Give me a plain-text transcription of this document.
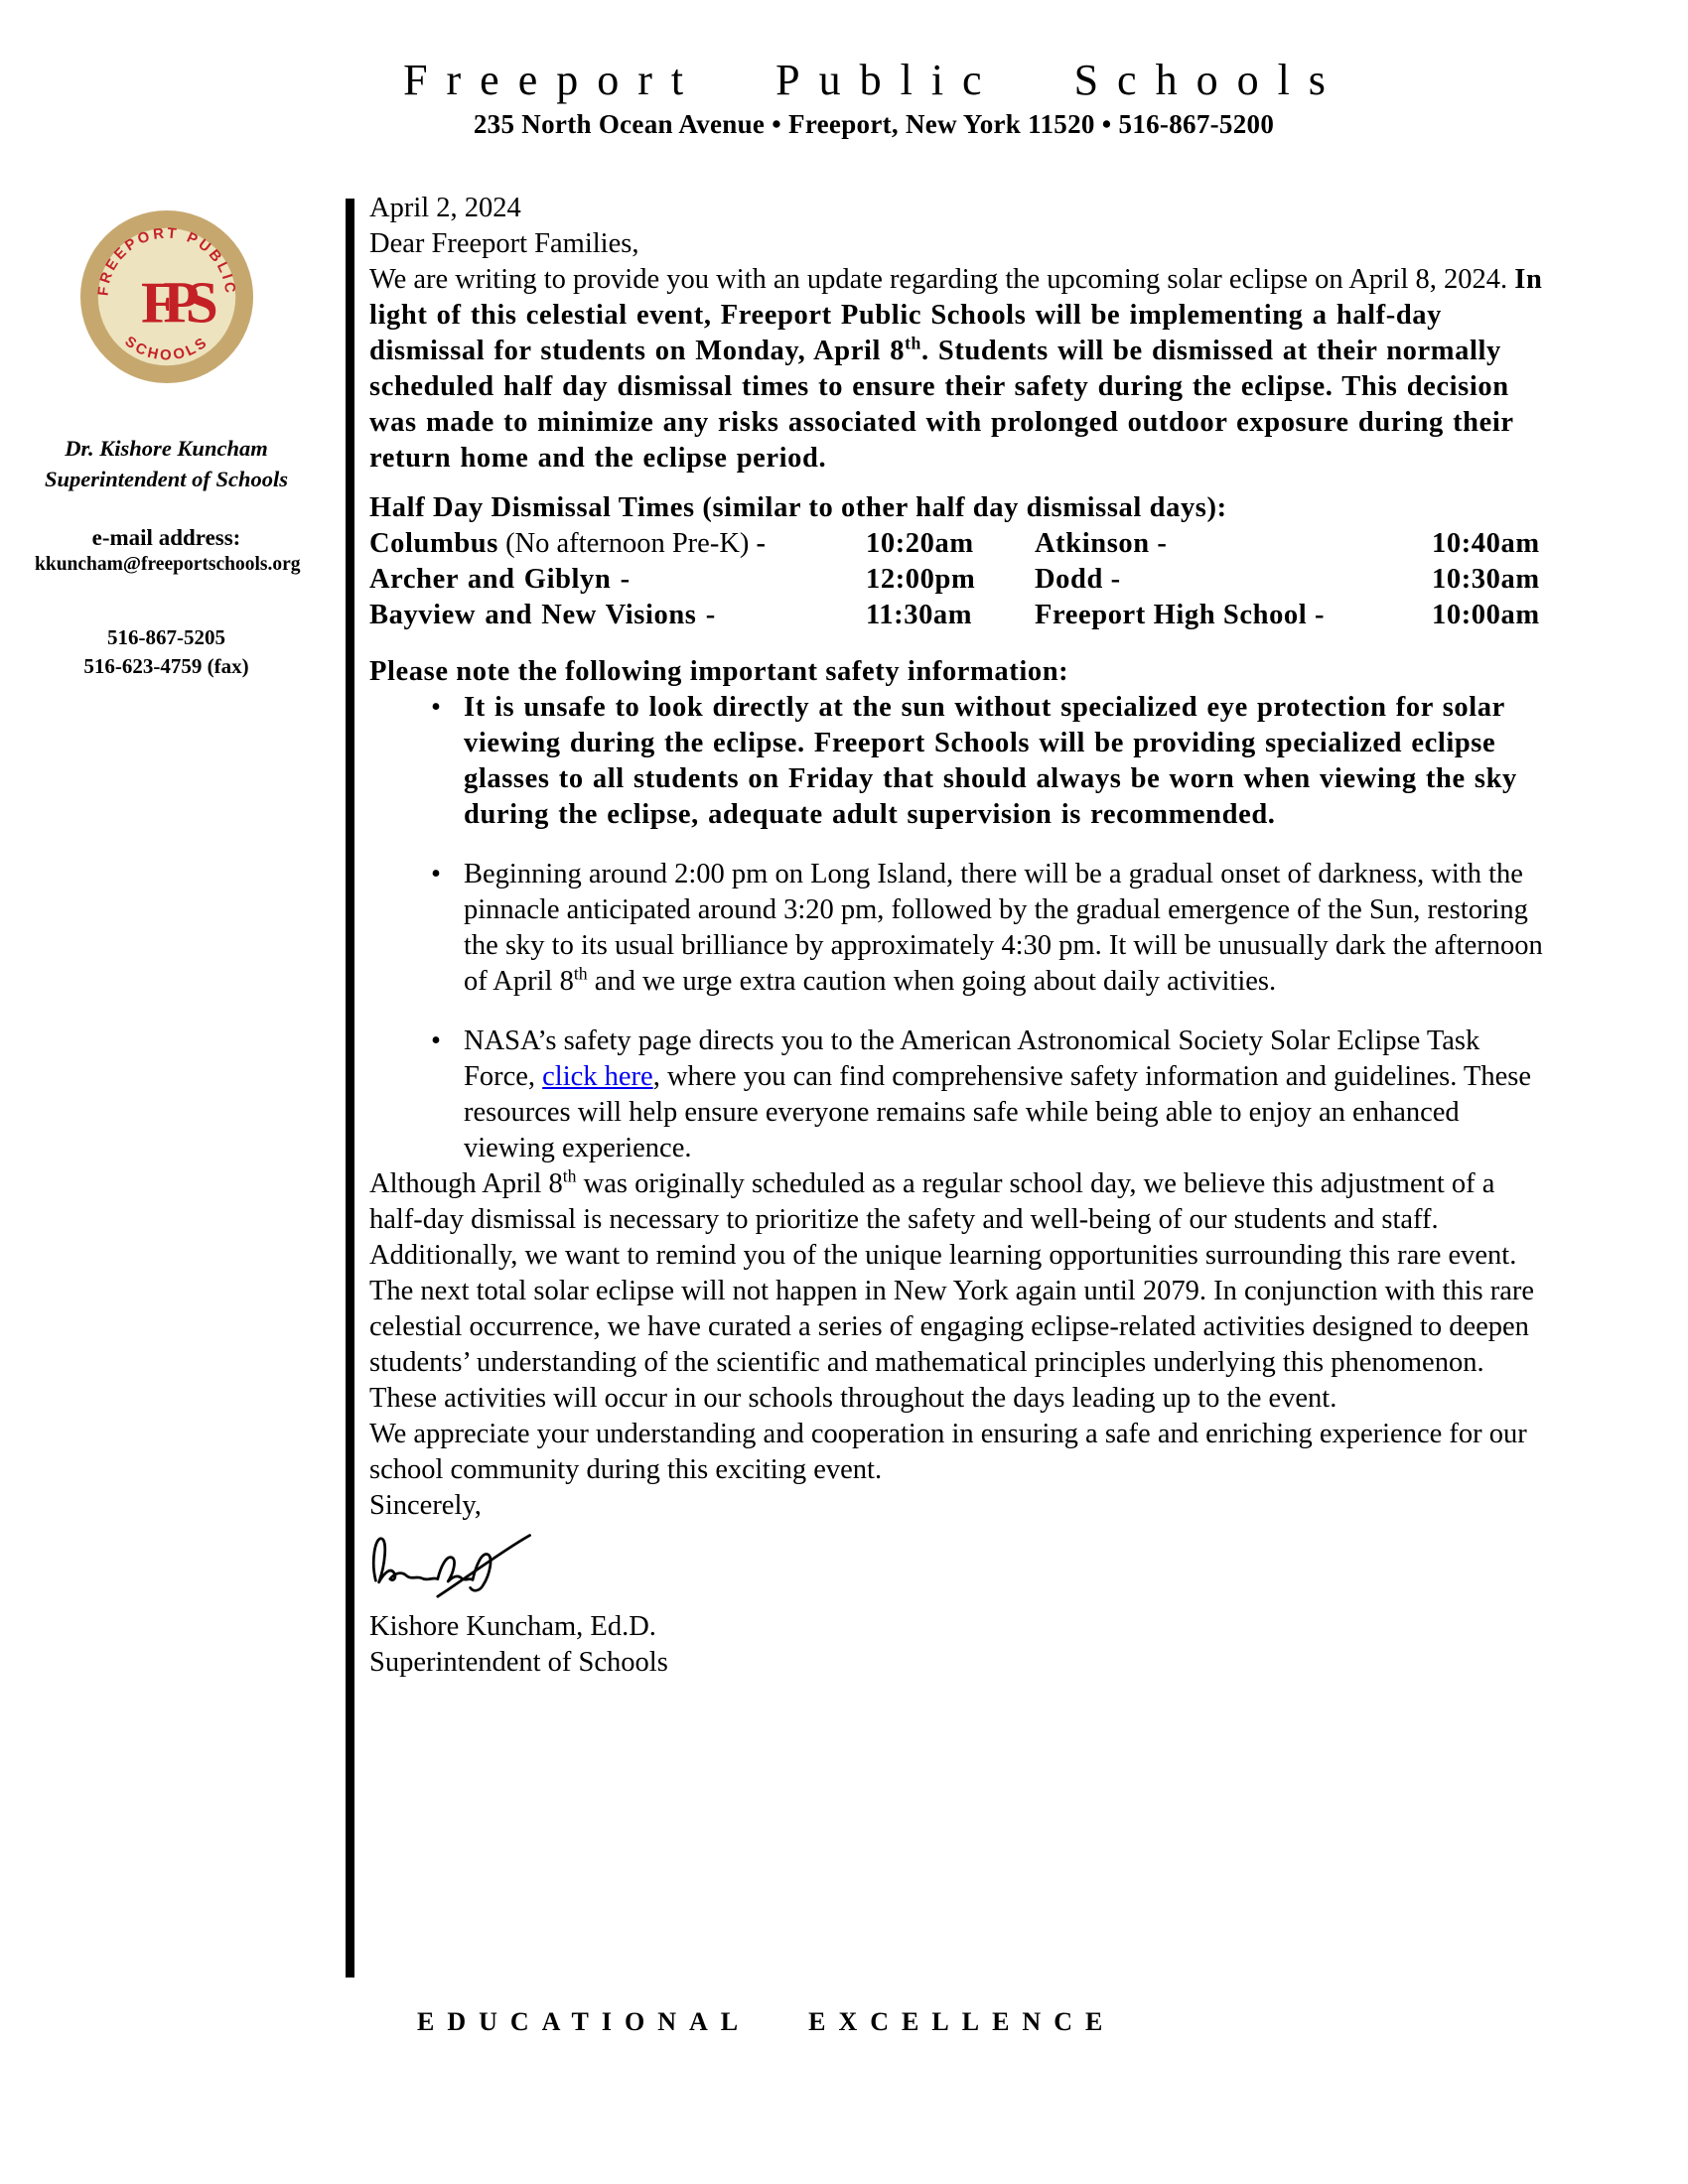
Freeport Public Schools
235 North Ocean Avenue • Freeport, New York 11520 • 516-867-5200
FREEPORT PUBLIC
SCHOOLS
FPS
Dr. Kishore Kuncham
Superintendent of Schools
e-mail address:
kkuncham@freeportschools.org
516-867-5205
516-623-4759 (fax)

April 2, 2024

Dear Freeport Families,

We are writing to provide you with an update regarding the upcoming solar eclipse on April 8, 2024. In light of this celestial event, Freeport Public Schools will be implementing a half-day dismissal for students on Monday, April 8th. Students will be dismissed at their normally scheduled half day dismissal times to ensure their safety during the eclipse. This decision was made to minimize any risks associated with prolonged outdoor exposure during their return home and the eclipse period.

Half Day Dismissal Times (similar to other half day dismissal days):
Columbus (No afternoon Pre-K) -	10:20am	Atkinson -	10:40am
Archer and Giblyn -	12:00pm	Dodd -	10:30am
Bayview and New Visions -	11:30am	Freeport High School -	10:00am
Please note the following important safety information:
• It is unsafe to look directly at the sun without specialized eye protection for solar viewing during the eclipse. Freeport Schools will be providing specialized eclipse glasses to all students on Friday that should always be worn when viewing the sky during the eclipse, adequate adult supervision is recommended.
• Beginning around 2:00 pm on Long Island, there will be a gradual onset of darkness, with the pinnacle anticipated around 3:20 pm, followed by the gradual emergence of the Sun, restoring the sky to its usual brilliance by approximately 4:30 pm. It will be unusually dark the afternoon of April 8th and we urge extra caution when going about daily activities.
• NASA’s safety page directs you to the American Astronomical Society Solar Eclipse Task Force, click here, where you can find comprehensive safety information and guidelines. These resources will help ensure everyone remains safe while being able to enjoy an enhanced viewing experience.

Although April 8th was originally scheduled as a regular school day, we believe this adjustment of a half-day dismissal is necessary to prioritize the safety and well-being of our students and staff. Additionally, we want to remind you of the unique learning opportunities surrounding this rare event. The next total solar eclipse will not happen in New York again until 2079. In conjunction with this rare celestial occurrence, we have curated a series of engaging eclipse-related activities designed to deepen students’ understanding of the scientific and mathematical principles underlying this phenomenon. These activities will occur in our schools throughout the days leading up to the event.

We appreciate your understanding and cooperation in ensuring a safe and enriching experience for our school community during this exciting event.

Sincerely,

Kishore Kuncham, Ed.D.

Superintendent of Schools

EDUCATIONAL EXCELLENCE
